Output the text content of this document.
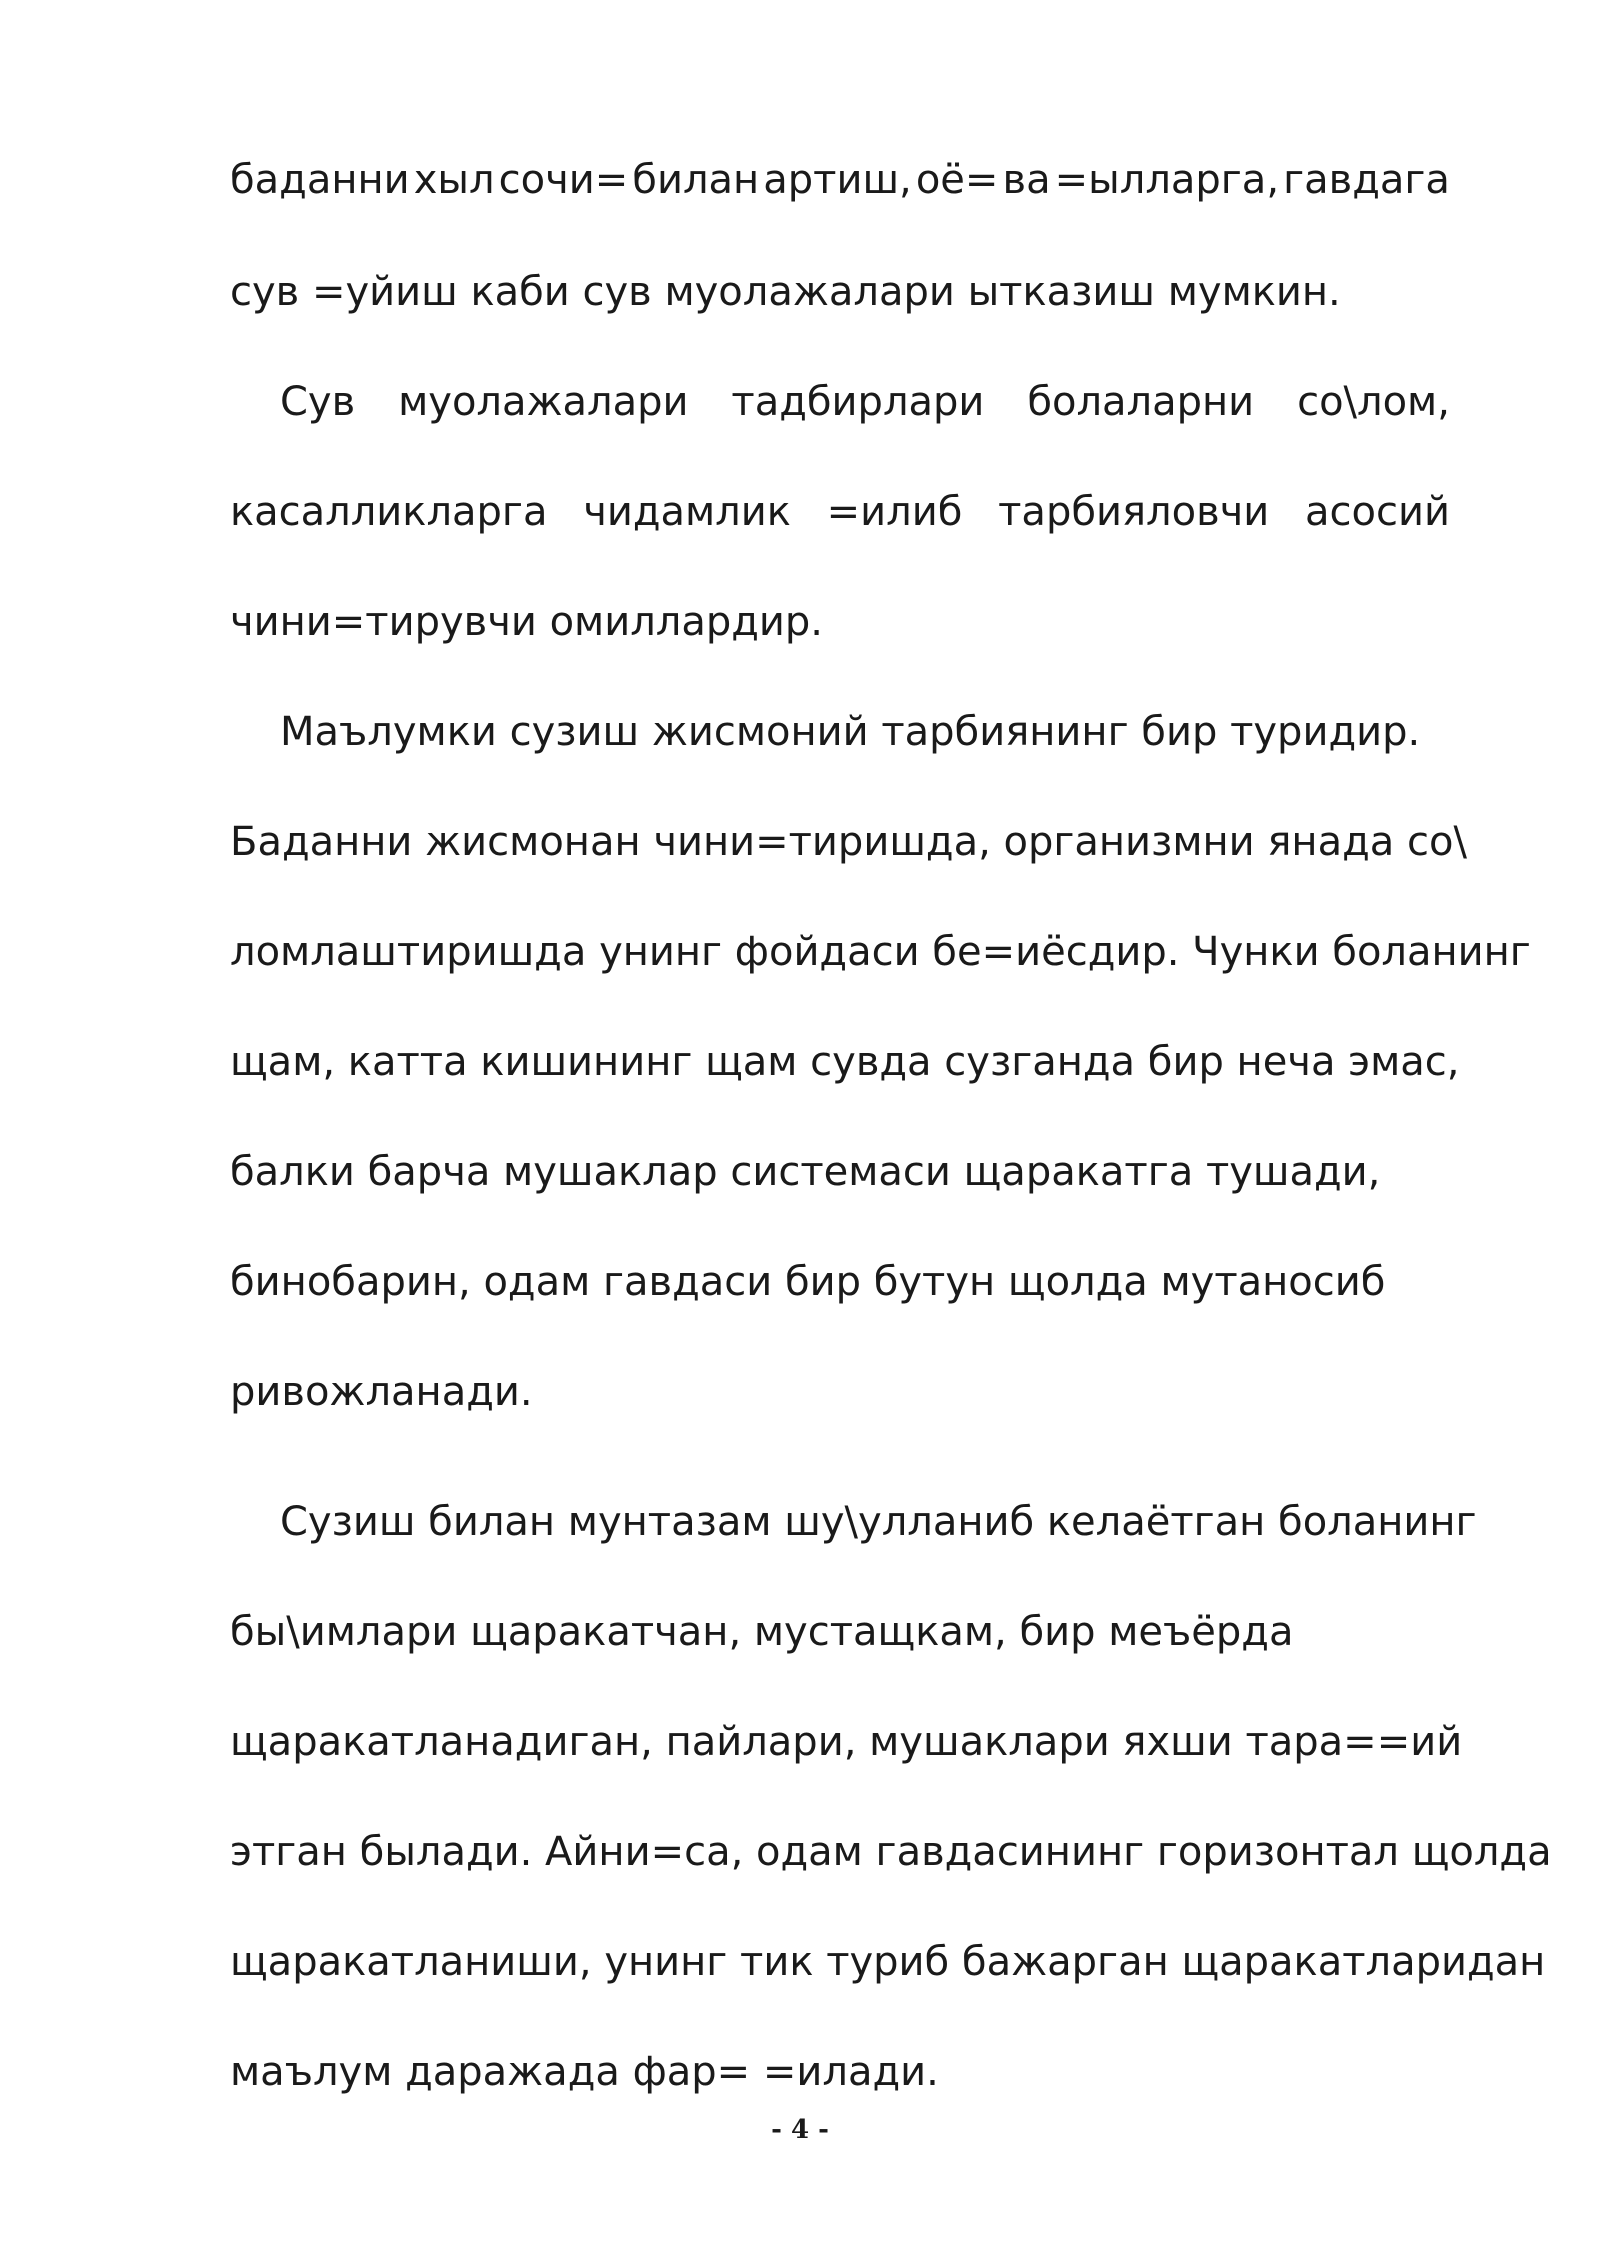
баданни хыл сочи= билан артиш, оё= ва =ылларга, гавдага
сув =уйиш каби сув муолажалари ытказиш мумкин.
Сув муолажалари тадбирлари болаларни со\лом,
касалликларга чидамлик =илиб тарбияловчи асосий
чини=тирувчи омиллардир.
Маълумки сузиш жисмоний тарбиянинг бир туридир.
Баданни жисмонан чини=тиришда, организмни янада со\
ломлаштиришда унинг фойдаси бе=иёсдир. Чунки боланинг
щам, катта кишининг щам сувда сузганда бир неча эмас,
балки барча мушаклар системаси щаракатга тушади,
бинобарин, одам гавдаси бир бутун щолда мутаносиб
ривожланади.
Сузиш билан мунтазам шу\улланиб келаётган боланинг
бы\имлари щаракатчан, мустащкам, бир меъёрда
щаракатланадиган, пайлари, мушаклари яхши тара==ий
этган былади. Айни=са, одам гавдасининг горизонтал щолда
щаракатланиши, унинг тик туриб бажарган щаракатларидан
маълум даражада фар= =илади.
- 4 -
